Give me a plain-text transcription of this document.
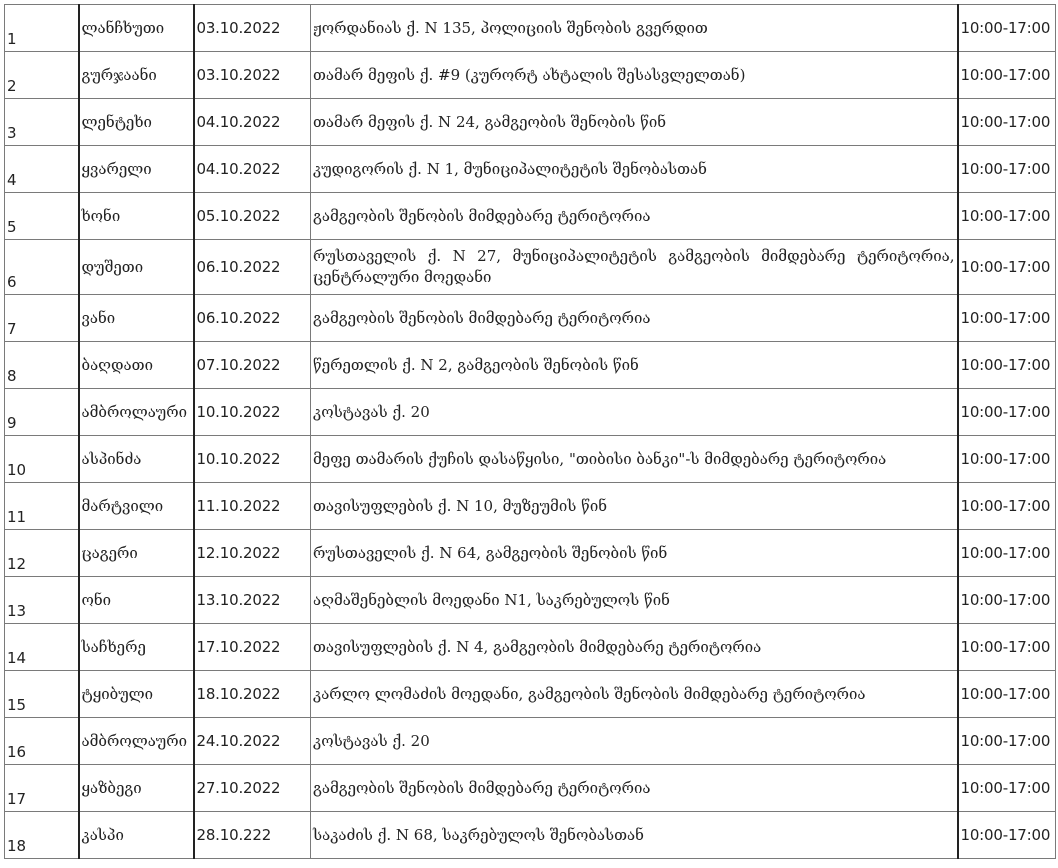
1	ლანჩხუთი	03.10.2022	ჟორდანიას ქ. N 135, პოლიციის შენობის გვერდით	10:00-17:00
2	გურჯაანი	03.10.2022	თამარ მეფის ქ. #9 (კურორტ ახტალის შესასვლელთან)	10:00-17:00
3	ლენტეხი	04.10.2022	თამარ მეფის ქ. N 24, გამგეობის შენობის წინ	10:00-17:00
4	ყვარელი	04.10.2022	კუდიგორის ქ. N 1, მუნიციპალიტეტის შენობასთან	10:00-17:00
5	ხონი	05.10.2022	გამგეობის შენობის მიმდებარე ტერიტორია	10:00-17:00
6	დუშეთი	06.10.2022	რუსთაველის ქ. N 27, მუნიციპალიტეტის გამგეობის მიმდებარე ტერიტორია, ცენტრალური მოედანი	10:00-17:00
7	ვანი	06.10.2022	გამგეობის შენობის მიმდებარე ტერიტორია	10:00-17:00
8	ბაღდათი	07.10.2022	წერეთლის ქ. N 2, გამგეობის შენობის წინ	10:00-17:00
9	ამბროლაური	10.10.2022	კოსტავას ქ. 20	10:00-17:00
10	ასპინძა	10.10.2022	მეფე თამარის ქუჩის დასაწყისი, "თიბისი ბანკი"-ს მიმდებარე ტერიტორია	10:00-17:00
11	მარტვილი	11.10.2022	თავისუფლების ქ. N 10, მუზეუმის წინ	10:00-17:00
12	ცაგერი	12.10.2022	რუსთაველის ქ. N 64, გამგეობის შენობის წინ	10:00-17:00
13	ონი	13.10.2022	აღმაშენებლის მოედანი N1, საკრებულოს წინ	10:00-17:00
14	საჩხერე	17.10.2022	თავისუფლების ქ. N 4, გამგეობის მიმდებარე ტერიტორია	10:00-17:00
15	ტყიბული	18.10.2022	კარლო ლომაძის მოედანი, გამგეობის შენობის მიმდებარე ტერიტორია	10:00-17:00
16	ამბროლაური	24.10.2022	კოსტავას ქ. 20	10:00-17:00
17	ყაზბეგი	27.10.2022	გამგეობის შენობის მიმდებარე ტერიტორია	10:00-17:00
18	კასპი	28.10.222	საკაძის ქ. N 68, საკრებულოს შენობასთან	10:00-17:00
